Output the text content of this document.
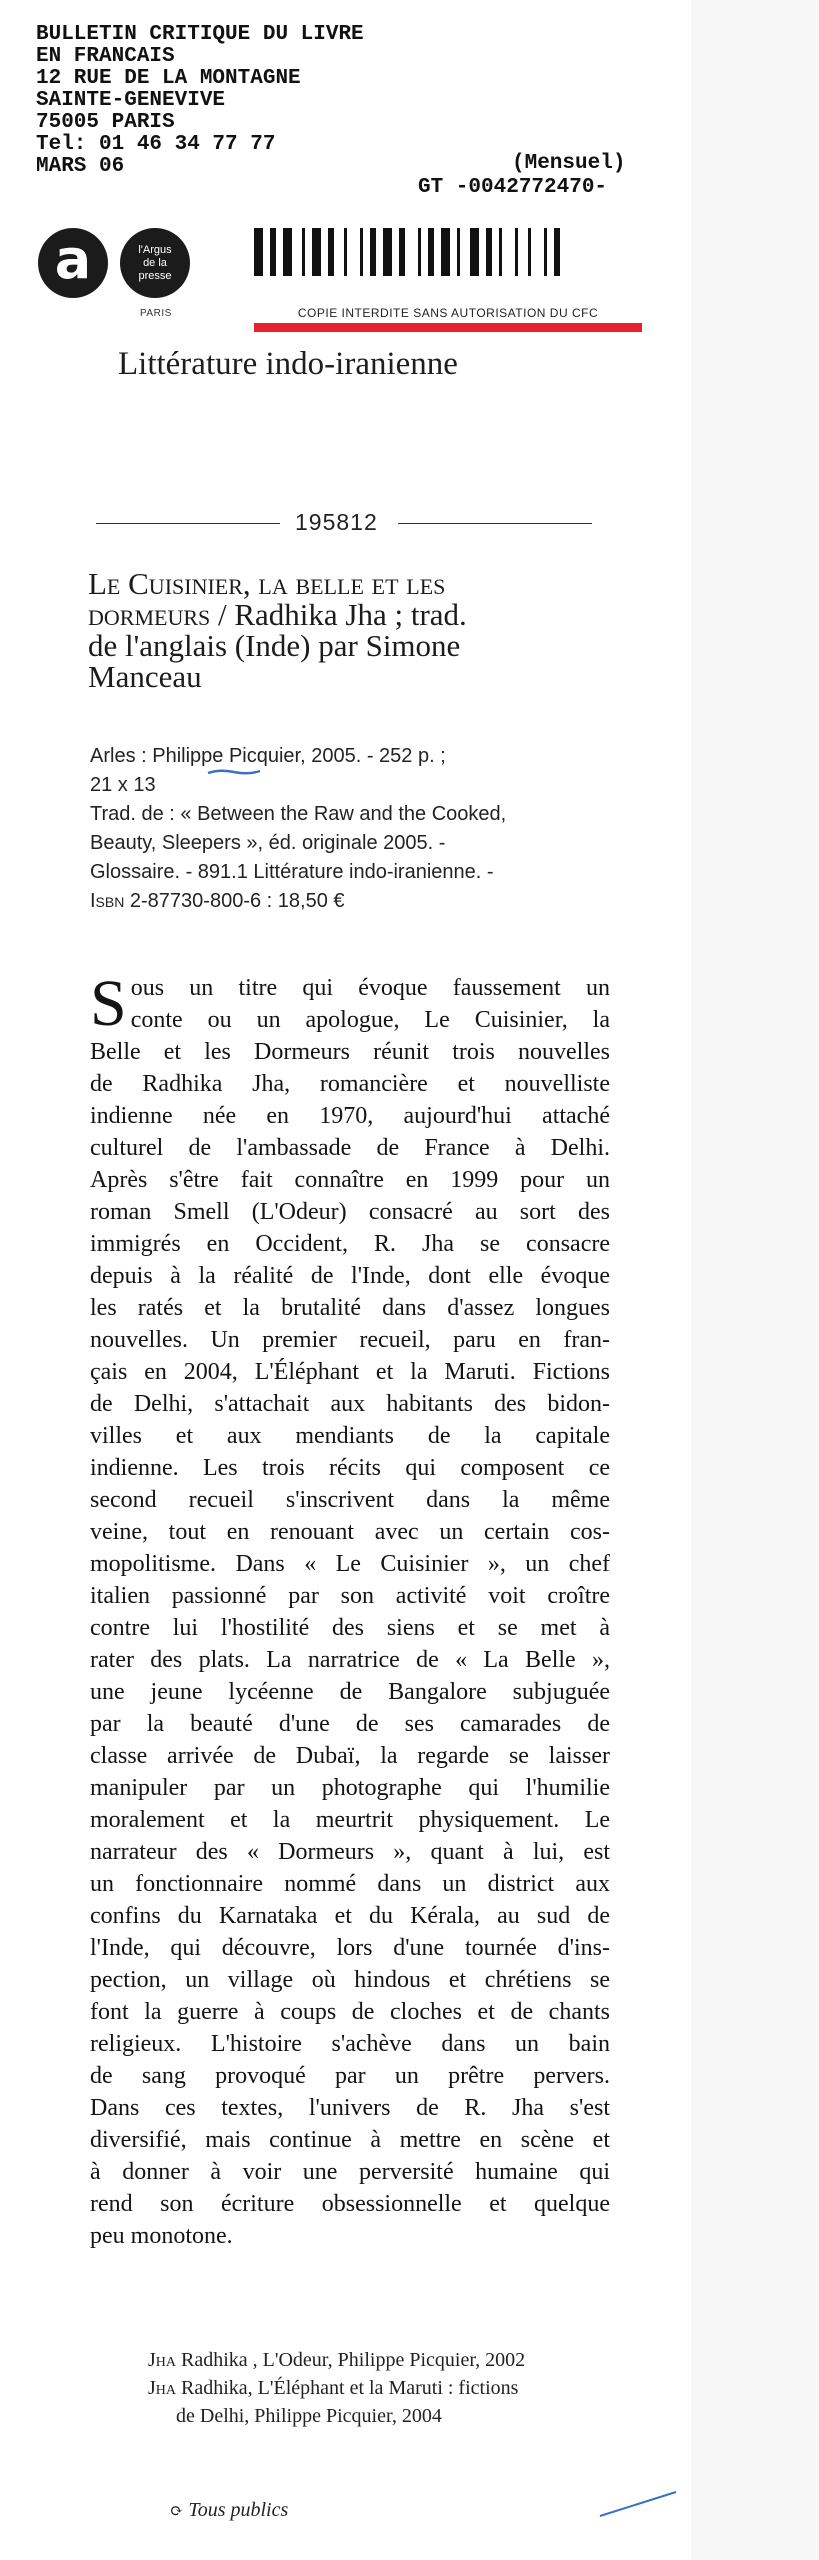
BULLETIN CRITIQUE DU LIVRE
EN FRANCAIS
12 RUE DE LA MONTAGNE
SAINTE-GENEVIVE
75005 PARIS
Tel: 01 46 34 77 77
MARS 06	(Mensuel)
GT -0042772470-
a	l'Argus
de la
presse
PARIS	COPIE INTERDITE SANS AUTORISATION DU CFC
Littérature indo-iranienne
195812
Le Cuisinier, la belle et les
dormeurs / Radhika Jha ; trad.
de l'anglais (Inde) par Simone
Manceau
Arles : Philippe Picquier, 2005. - 252 p. ;
21 x 13
Trad. de : « Between the Raw and the Cooked,
Beauty, Sleepers », éd. originale 2005. -
Glossaire. - 891.1 Littérature indo-iranienne. -
Isbn 2-87730-800-6 : 18,50 €
S ous un titre qui évoque faussement un
conte ou un apologue, Le Cuisinier, la
Belle et les Dormeurs réunit trois nouvelles
de Radhika Jha, romancière et nouvelliste
indienne née en 1970, aujourd'hui attaché
culturel de l'ambassade de France à Delhi.
Après s'être fait connaître en 1999 pour un
roman Smell (L'Odeur) consacré au sort des
immigrés en Occident, R. Jha se consacre
depuis à la réalité de l'Inde, dont elle évoque
les ratés et la brutalité dans d'assez longues
nouvelles. Un premier recueil, paru en fran-
çais en 2004, L'Éléphant et la Maruti. Fictions
de Delhi, s'attachait aux habitants des bidon-
villes et aux mendiants de la capitale
indienne. Les trois récits qui composent ce
second recueil s'inscrivent dans la même
veine, tout en renouant avec un certain cos-
mopolitisme. Dans « Le Cuisinier », un chef
italien passionné par son activité voit croître
contre lui l'hostilité des siens et se met à
rater des plats. La narratrice de « La Belle »,
une jeune lycéenne de Bangalore subjuguée
par la beauté d'une de ses camarades de
classe arrivée de Dubaï, la regarde se laisser
manipuler par un photographe qui l'humilie
moralement et la meurtrit physiquement. Le
narrateur des « Dormeurs », quant à lui, est
un fonctionnaire nommé dans un district aux
confins du Karnataka et du Kérala, au sud de
l'Inde, qui découvre, lors d'une tournée d'ins-
pection, un village où hindous et chrétiens se
font la guerre à coups de cloches et de chants
religieux. L'histoire s'achève dans un bain
de sang provoqué par un prêtre pervers.
Dans ces textes, l'univers de R. Jha s'est
diversifié, mais continue à mettre en scène et
à donner à voir une perversité humaine qui
rend son écriture obsessionnelle et quelque
peu monotone.
Jha Radhika , L'Odeur, Philippe Picquier, 2002
Jha Radhika, L'Éléphant et la Maruti : fictions
de Delhi, Philippe Picquier, 2004
⟳ Tous publics
